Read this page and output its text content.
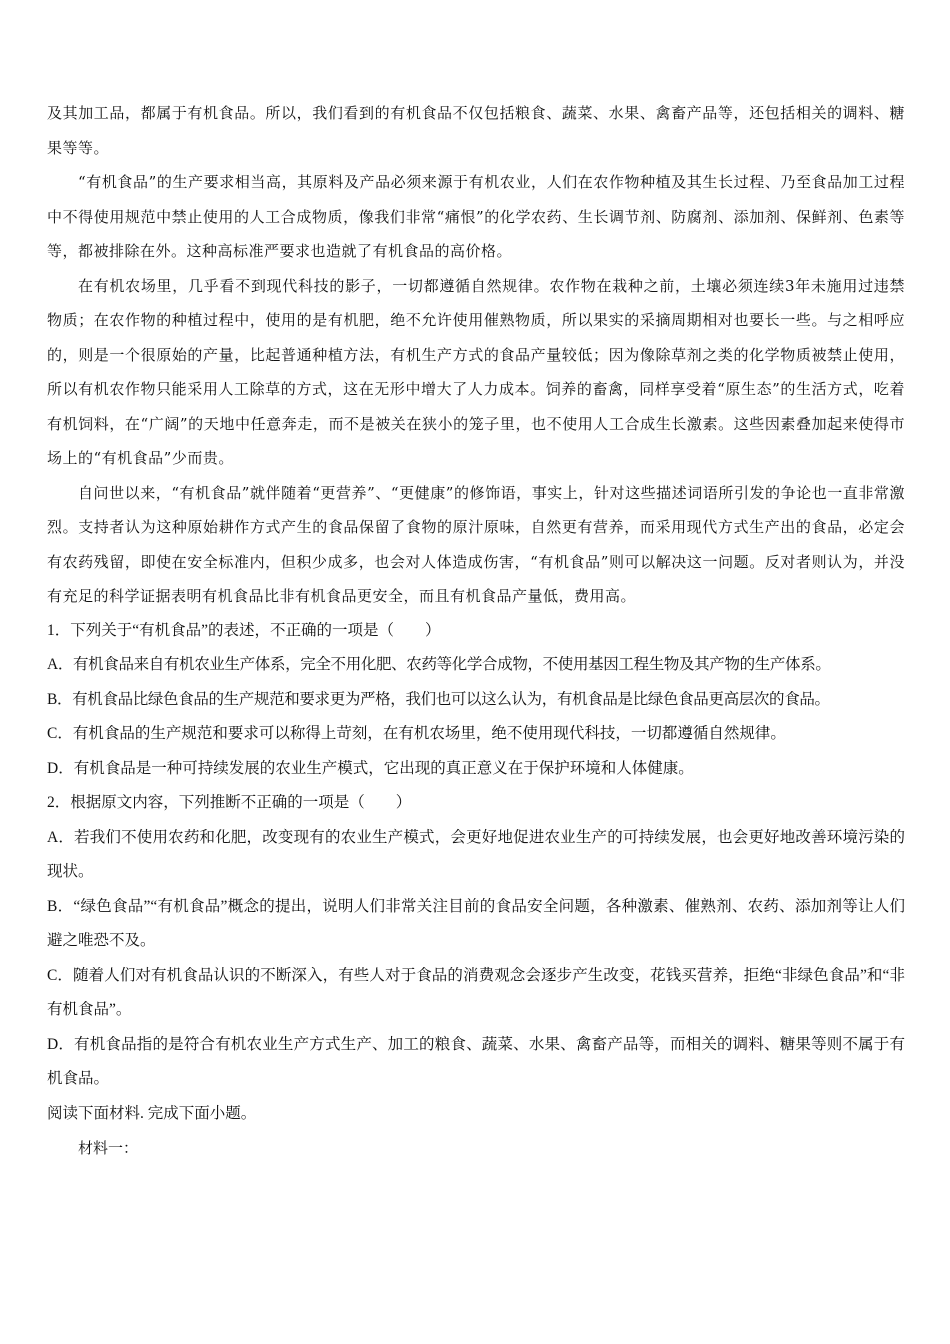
及其加工品，都属于有机食品。所以，我们看到的有机食品不仅包括粮食、蔬菜、水果、禽畜产品等，还包括相关的调料、糖果等等。

“有机食品”的生产要求相当高，其原料及产品必须来源于有机农业，人们在农作物种植及其生长过程、乃至食品加工过程中不得使用规范中禁止使用的人工合成物质，像我们非常“痛恨”的化学农药、生长调节剂、防腐剂、添加剂、保鲜剂、色素等等，都被排除在外。这种高标准严要求也造就了有机食品的高价格。

在有机农场里，几乎看不到现代科技的影子，一切都遵循自然规律。农作物在栽种之前，土壤必须连续3年未施用过违禁物质；在农作物的种植过程中，使用的是有机肥，绝不允许使用催熟物质，所以果实的采摘周期相对也要长一些。与之相呼应的，则是一个很原始的产量，比起普通种植方法，有机生产方式的食品产量较低；因为像除草剂之类的化学物质被禁止使用，所以有机农作物只能采用人工除草的方式，这在无形中增大了人力成本。饲养的畜禽，同样享受着“原生态”的生活方式，吃着有机饲料，在“广阔”的天地中任意奔走，而不是被关在狭小的笼子里，也不使用人工合成生长激素。这些因素叠加起来使得市场上的“有机食品”少而贵。

自问世以来，“有机食品”就伴随着“更营养”、“更健康”的修饰语，事实上，针对这些描述词语所引发的争论也一直非常激烈。支持者认为这种原始耕作方式产生的食品保留了食物的原汁原味，自然更有营养，而采用现代方式生产出的食品，必定会有农药残留，即使在安全标准内，但积少成多，也会对人体造成伤害，“有机食品”则可以解决这一问题。反对者则认为，并没有充足的科学证据表明有机食品比非有机食品更安全，而且有机食品产量低，费用高。

1．下列关于“有机食品”的表述，不正确的一项是（　　）

A．有机食品来自有机农业生产体系，完全不用化肥、农药等化学合成物，不使用基因工程生物及其产物的生产体系。

B．有机食品比绿色食品的生产规范和要求更为严格，我们也可以这么认为，有机食品是比绿色食品更高层次的食品。

C．有机食品的生产规范和要求可以称得上苛刻，在有机农场里，绝不使用现代科技，一切都遵循自然规律。

D．有机食品是一种可持续发展的农业生产模式，它出现的真正意义在于保护环境和人体健康。

2．根据原文内容，下列推断不正确的一项是（　　）

A．若我们不使用农药和化肥，改变现有的农业生产模式，会更好地促进农业生产的可持续发展，也会更好地改善环境污染的现状。

B．“绿色食品”“有机食品”概念的提出，说明人们非常关注目前的食品安全问题，各种激素、催熟剂、农药、添加剂等让人们避之唯恐不及。

C．随着人们对有机食品认识的不断深入，有些人对于食品的消费观念会逐步产生改变，花钱买营养，拒绝“非绿色食品”和“非有机食品”。

D．有机食品指的是符合有机农业生产方式生产、加工的粮食、蔬菜、水果、禽畜产品等，而相关的调料、糖果等则不属于有机食品。

阅读下面材料. 完成下面小题。

材料一：
